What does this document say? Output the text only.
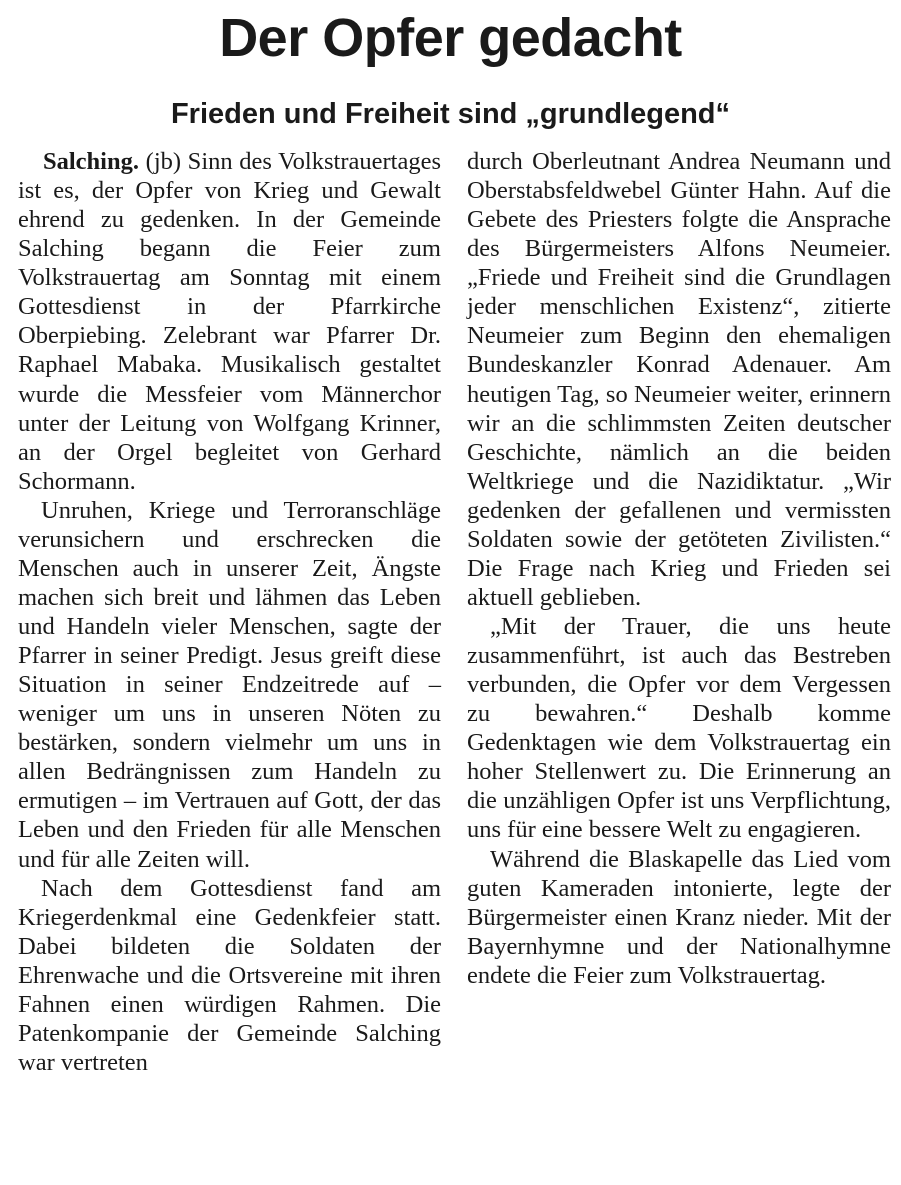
Der Opfer gedacht
Frieden und Freiheit sind „grundlegend“

Salching. (jb) Sinn des Volkstrauertages ist es, der Opfer von Krieg und Gewalt ehrend zu gedenken. In der Gemeinde Salching begann die Feier zum Volkstrauertag am Sonntag mit einem Gottesdienst in der Pfarrkirche Oberpiebing. Zelebrant war Pfarrer Dr. Raphael Mabaka. Musikalisch gestaltet wurde die Messfeier vom Männerchor unter der Leitung von Wolfgang Krinner, an der Orgel begleitet von Gerhard Schormann.

Unruhen, Kriege und Terroranschläge verunsichern und erschrecken die Menschen auch in unserer Zeit, Ängste machen sich breit und lähmen das Leben und Handeln vieler Menschen, sagte der Pfarrer in seiner Predigt. Jesus greift diese Situation in seiner Endzeitrede auf – weniger um uns in unseren Nöten zu bestärken, sondern vielmehr um uns in allen Bedrängnissen zum Handeln zu ermutigen – im Vertrauen auf Gott, der das Leben und den Frieden für alle Menschen und für alle Zeiten will.

Nach dem Gottesdienst fand am Kriegerdenkmal eine Gedenkfeier statt. Dabei bildeten die Soldaten der Ehrenwache und die Ortsvereine mit ihren Fahnen einen würdigen Rahmen. Die Patenkompanie der Gemeinde Salching war vertreten

durch Oberleutnant Andrea Neumann und Oberstabsfeldwebel Günter Hahn. Auf die Gebete des Priesters folgte die Ansprache des Bürgermeisters Alfons Neumeier. „Friede und Freiheit sind die Grundlagen jeder menschlichen Existenz“, zitierte Neumeier zum Beginn den ehemaligen Bundeskanzler Konrad Adenauer. Am heutigen Tag, so Neumeier weiter, erinnern wir an die schlimmsten Zeiten deutscher Geschichte, nämlich an die beiden Weltkriege und die Nazidiktatur. „Wir gedenken der gefallenen und vermissten Soldaten sowie der getöteten Zivilisten.“ Die Frage nach Krieg und Frieden sei aktuell geblieben.

„Mit der Trauer, die uns heute zusammenführt, ist auch das Bestreben verbunden, die Opfer vor dem Vergessen zu bewahren.“ Deshalb komme Gedenktagen wie dem Volkstrauertag ein hoher Stellenwert zu. Die Erinnerung an die unzähligen Opfer ist uns Verpflichtung, uns für eine bessere Welt zu engagieren.

Während die Blaskapelle das Lied vom guten Kameraden intonierte, legte der Bürgermeister einen Kranz nieder. Mit der Bayernhymne und der Nationalhymne endete die Feier zum Volkstrauertag.
